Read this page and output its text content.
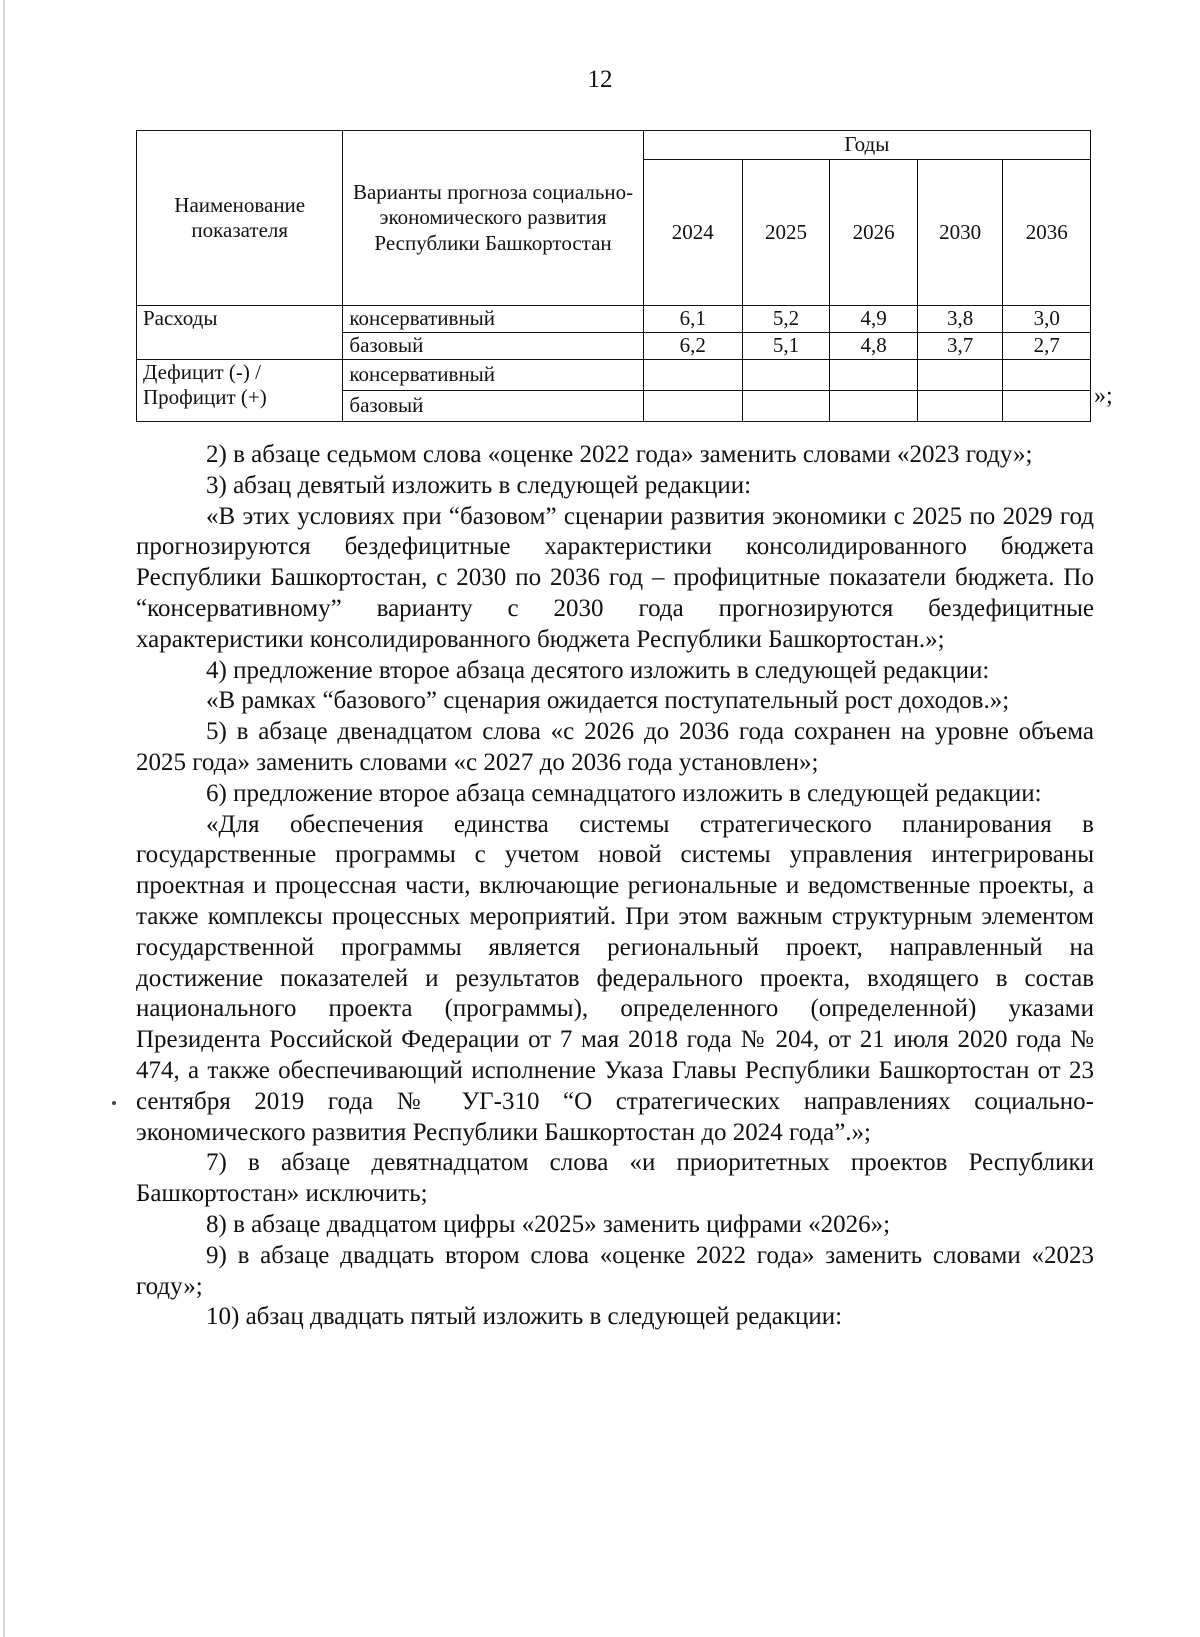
12
Наименование показателя	Варианты прогноза социально-экономического развития Республики Башкортостан	Годы				
		2024	2025	2026	2030	2036
Расходы	консервативный	6,1	5,2	4,9	3,8	3,0
	базовый	6,2	5,1	4,8	3,7	2,7
Дефицит (-) / Профицит (+)	консервативный					
	базовый						»;

2) в абзаце седьмом слова «оценке 2022 года» заменить словами «2023 году»;

3) абзац девятый изложить в следующей редакции:

«В этих условиях при “базовом” сценарии развития экономики с 2025 по 2029 год прогнозируются бездефицитные характеристики консолидированного бюджета Республики Башкортостан, с 2030 по 2036 год – профицитные показатели бюджета. По “консервативному” варианту с 2030 года прогнозируются бездефицитные характеристики консолидированного бюджета Республики Башкортостан.»;

4) предложение второе абзаца десятого изложить в следующей редакции:

«В рамках “базового” сценария ожидается поступательный рост доходов.»;

5) в абзаце двенадцатом слова «с 2026 до 2036 года сохранен на уровне объема 2025 года» заменить словами «с 2027 до 2036 года установлен»;

6) предложение второе абзаца семнадцатого изложить в следующей редакции:

«Для обеспечения единства системы стратегического планирования в государственные программы с учетом новой системы управления интегрированы проектная и процессная части, включающие региональные и ведомственные проекты, а также комплексы процессных мероприятий. При этом важным структурным элементом государственной программы является региональный проект, направленный на достижение показателей и результатов федерального проекта, входящего в состав национального проекта (программы), определенного (определенной) указами Президента Российской Федерации от 7 мая 2018 года № 204, от 21 июля 2020 года № 474, а также обеспечивающий исполнение Указа Главы Республики Башкортостан от 23 сентября 2019 года № УГ-310 “О стратегических направлениях социально-экономического развития Республики Башкортостан до 2024 года”.»;

7) в абзаце девятнадцатом слова «и приоритетных проектов Республики Башкортостан» исключить;

8) в абзаце двадцатом цифры «2025» заменить цифрами «2026»;

9) в абзаце двадцать втором слова «оценке 2022 года» заменить словами «2023 году»;

10) абзац двадцать пятый изложить в следующей редакции:
